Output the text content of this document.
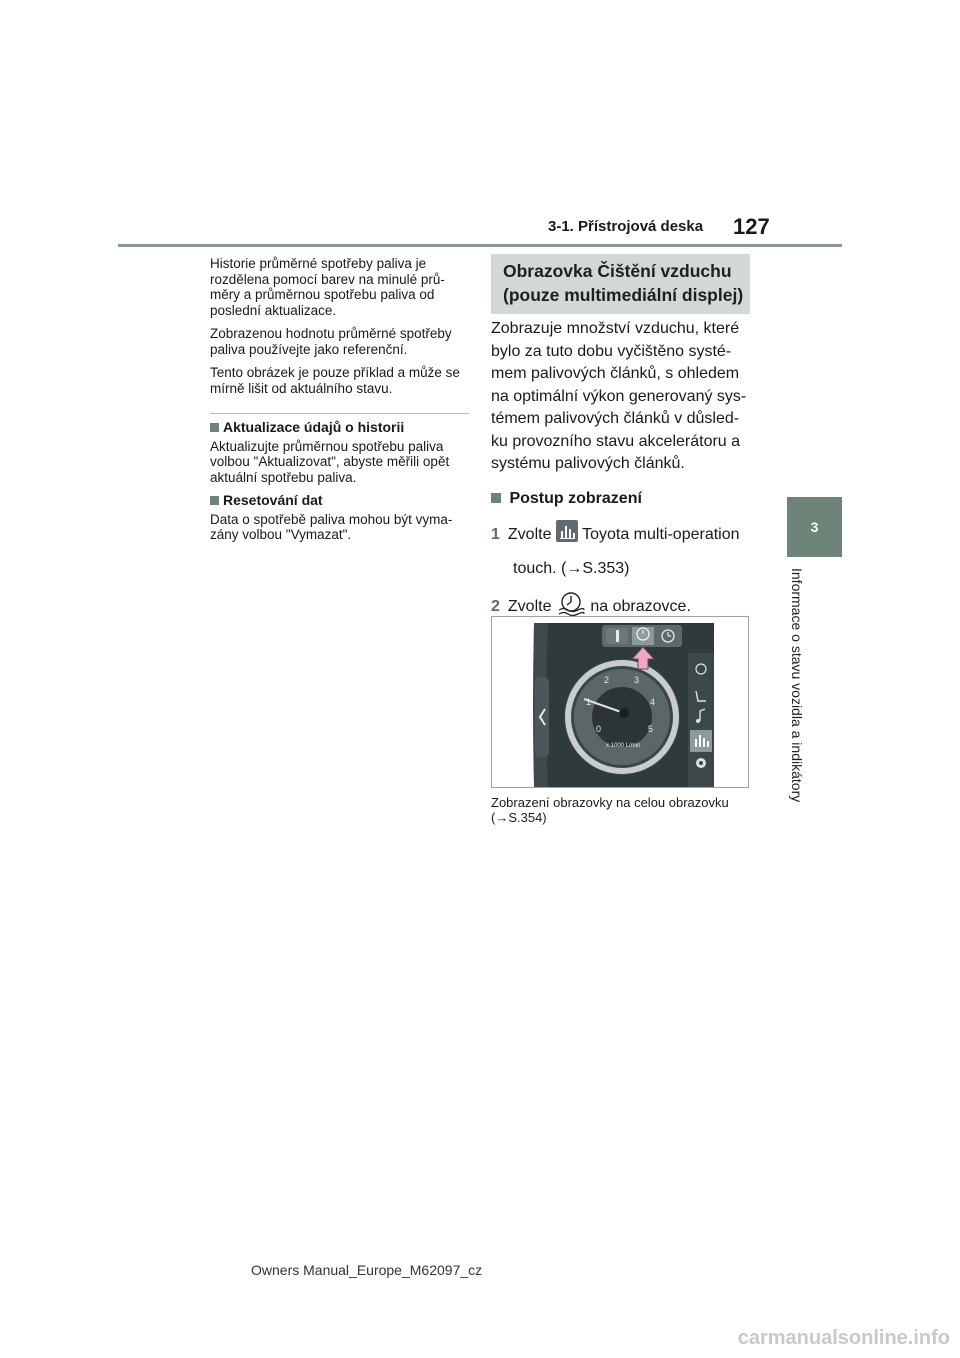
3-1. Přístrojová deska 127
3
Informace o stavu vozidla a indikátory

Historie průměrné spotřeby paliva je rozdělena pomocí barev na minulé prů-měry a průměrnou spotřebu paliva od poslední aktualizace.

Zobrazenou hodnotu průměrné spotřeby paliva používejte jako referenční.

Tento obrázek je pouze příklad a může se mírně lišit od aktuálního stavu.

Aktualizace údajů o historii

Aktualizujte průměrnou spotřebu paliva volbou "Aktualizovat", abyste měřili opět aktuální spotřebu paliva.

Resetování dat

Data o spotřebě paliva mohou být vyma-zány volbou "Vymazat".

Obrazovka Čištění vzduchu
(pouze multimediální displej)

Zobrazuje množství vzduchu, které bylo za tuto dobu vyčištěno systé-mem palivových článků, s ohledem na optimální výkon generovaný sys-témem palivových článků v důsled-ku provozního stavu akcelerátoru a systému palivových článků.

Postup zobrazení
1 Zvolte Toyota multi-operation
touch. (→S.353)
2 Zvolte na obrazovce.
0
1
2	3
4
5
x 1000 L/min
Zobrazení obrazovky na celou obrazovku (→S.354)
Owners Manual_Europe_M62097_cz
carmanualsonline.info
